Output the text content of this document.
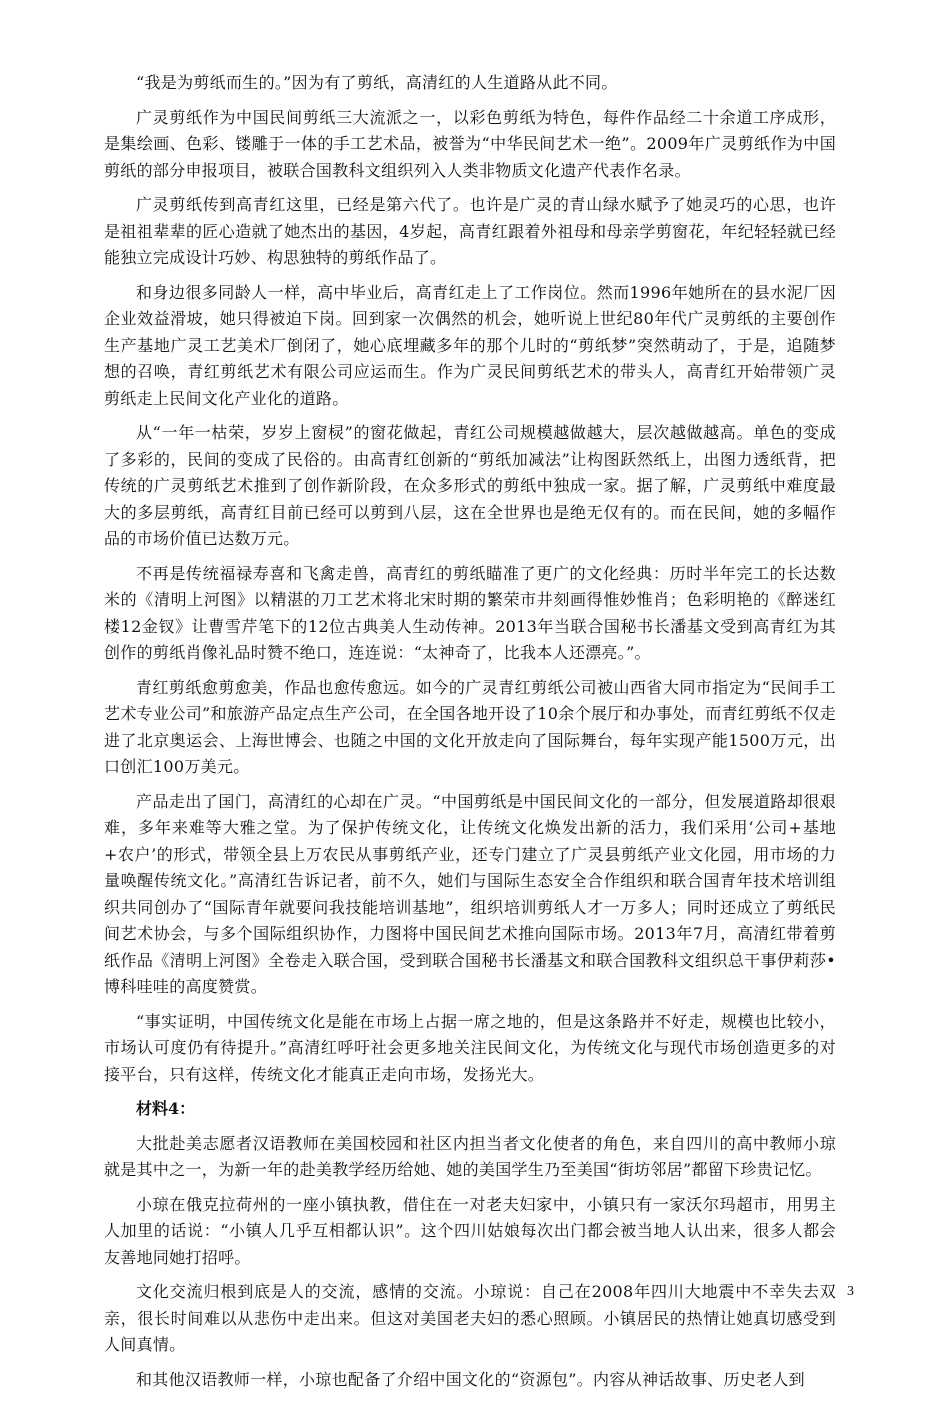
“我是为剪纸而生的。”因为有了剪纸，高清红的人生道路从此不同。

广灵剪纸作为中国民间剪纸三大流派之一，以彩色剪纸为特色，每件作品经二十余道工序成形，是集绘画、色彩、镂雕于一体的手工艺术品，被誉为“中华民间艺术一绝”。2009年广灵剪纸作为中国剪纸的部分申报项目，被联合国教科文组织列入人类非物质文化遗产代表作名录。

广灵剪纸传到高青红这里，已经是第六代了。也许是广灵的青山绿水赋予了她灵巧的心思，也许是祖祖辈辈的匠心造就了她杰出的基因，4岁起，高青红跟着外祖母和母亲学剪窗花，年纪轻轻就已经能独立完成设计巧妙、构思独特的剪纸作品了。

和身边很多同龄人一样，高中毕业后，高青红走上了工作岗位。然而1996年她所在的县水泥厂因企业效益滑坡，她只得被迫下岗。回到家一次偶然的机会，她听说上世纪80年代广灵剪纸的主要创作生产基地广灵工艺美术厂倒闭了，她心底埋藏多年的那个儿时的“剪纸梦”突然萌动了，于是，追随梦想的召唤，青红剪纸艺术有限公司应运而生。作为广灵民间剪纸艺术的带头人，高青红开始带领广灵剪纸走上民间文化产业化的道路。

从“一年一枯荣，岁岁上窗棂”的窗花做起，青红公司规模越做越大，层次越做越高。单色的变成了多彩的，民间的变成了民俗的。由高青红创新的“剪纸加减法”让构图跃然纸上，出图力透纸背，把传统的广灵剪纸艺术推到了创作新阶段，在众多形式的剪纸中独成一家。据了解，广灵剪纸中难度最大的多层剪纸，高青红目前已经可以剪到八层，这在全世界也是绝无仅有的。而在民间，她的多幅作品的市场价值已达数万元。

不再是传统福禄寿喜和飞禽走兽，高青红的剪纸瞄准了更广的文化经典：历时半年完工的长达数米的《清明上河图》以精湛的刀工艺术将北宋时期的繁荣市井刻画得惟妙惟肖；色彩明艳的《醉迷红楼12金钗》让曹雪芹笔下的12位古典美人生动传神。2013年当联合国秘书长潘基文受到高青红为其创作的剪纸肖像礼品时赞不绝口，连连说：“太神奇了，比我本人还漂亮。”。

青红剪纸愈剪愈美，作品也愈传愈远。如今的广灵青红剪纸公司被山西省大同市指定为“民间手工艺术专业公司”和旅游产品定点生产公司，在全国各地开设了10余个展厅和办事处，而青红剪纸不仅走进了北京奥运会、上海世博会、也随之中国的文化开放走向了国际舞台，每年实现产能1500万元，出口创汇100万美元。

产品走出了国门，高清红的心却在广灵。“中国剪纸是中国民间文化的一部分，但发展道路却很艰难，多年来难等大雅之堂。为了保护传统文化，让传统文化焕发出新的活力，我们采用‘公司+基地+农户’的形式，带领全县上万农民从事剪纸产业，还专门建立了广灵县剪纸产业文化园，用市场的力量唤醒传统文化。”高清红告诉记者，前不久，她们与国际生态安全合作组织和联合国青年技术培训组织共同创办了“国际青年就要问我技能培训基地”，组织培训剪纸人才一万多人；同时还成立了剪纸民间艺术协会，与多个国际组织协作，力图将中国民间艺术推向国际市场。2013年7月，高清红带着剪纸作品《清明上河图》全卷走入联合国，受到联合国秘书长潘基文和联合国教科文组织总干事伊莉莎•博科哇哇的高度赞赏。

“事实证明，中国传统文化是能在市场上占据一席之地的，但是这条路并不好走，规模也比较小，市场认可度仍有待提升。”高清红呼吁社会更多地关注民间文化，为传统文化与现代市场创造更多的对接平台，只有这样，传统文化才能真正走向市场，发扬光大。

材料4：

大批赴美志愿者汉语教师在美国校园和社区内担当者文化使者的角色，来自四川的高中教师小琼就是其中之一，为新一年的赴美教学经历给她、她的美国学生乃至美国“街坊邻居”都留下珍贵记忆。

小琼在俄克拉荷州的一座小镇执教，借住在一对老夫妇家中，小镇只有一家沃尔玛超市，用男主人加里的话说：“小镇人几乎互相都认识”。这个四川姑娘每次出门都会被当地人认出来，很多人都会友善地同她打招呼。

文化交流归根到底是人的交流，感情的交流。小琼说：自己在2008年四川大地震中不幸失去双亲，很长时间难以从悲伤中走出来。但这对美国老夫妇的悉心照顾。小镇居民的热情让她真切感受到人间真情。

和其他汉语教师一样，小琼也配备了介绍中国文化的“资源包”。内容从神话故事、历史老人到

3
